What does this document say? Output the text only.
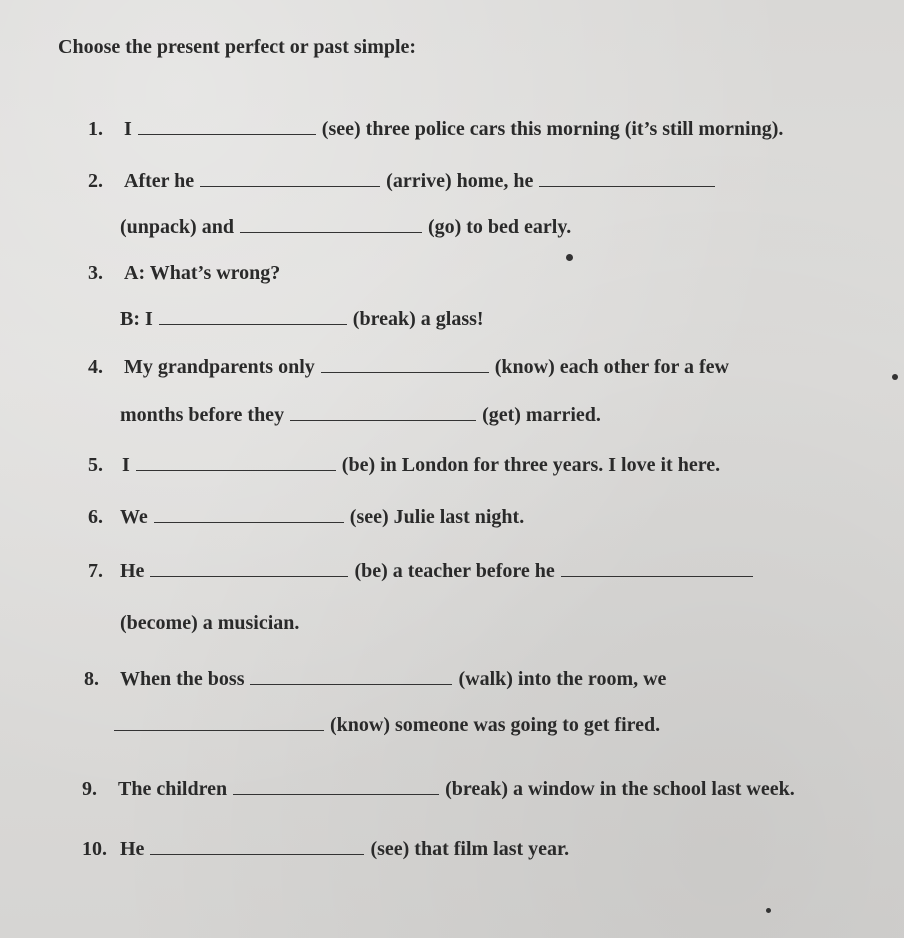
Choose the present perfect or past simple:
1.	I	(see) three police cars this morning (it’s still morning).
2.	After he	(arrive) home, he
(unpack) and	(go) to bed early.
3.	A: What’s wrong?
B: I	(break) a glass!
4.	My grandparents only	(know) each other for a few
months before they	(get) married.
5. I	(be) in London for three years. I love it here.
6. We	(see) Julie last night.
7. He	(be) a teacher before he
(become) a musician.
8.	When the boss	(walk) into the room, we
(know) someone was going to get fired.
9.	The children	(break) a window in the school last week.
10. He	(see) that film last year.
